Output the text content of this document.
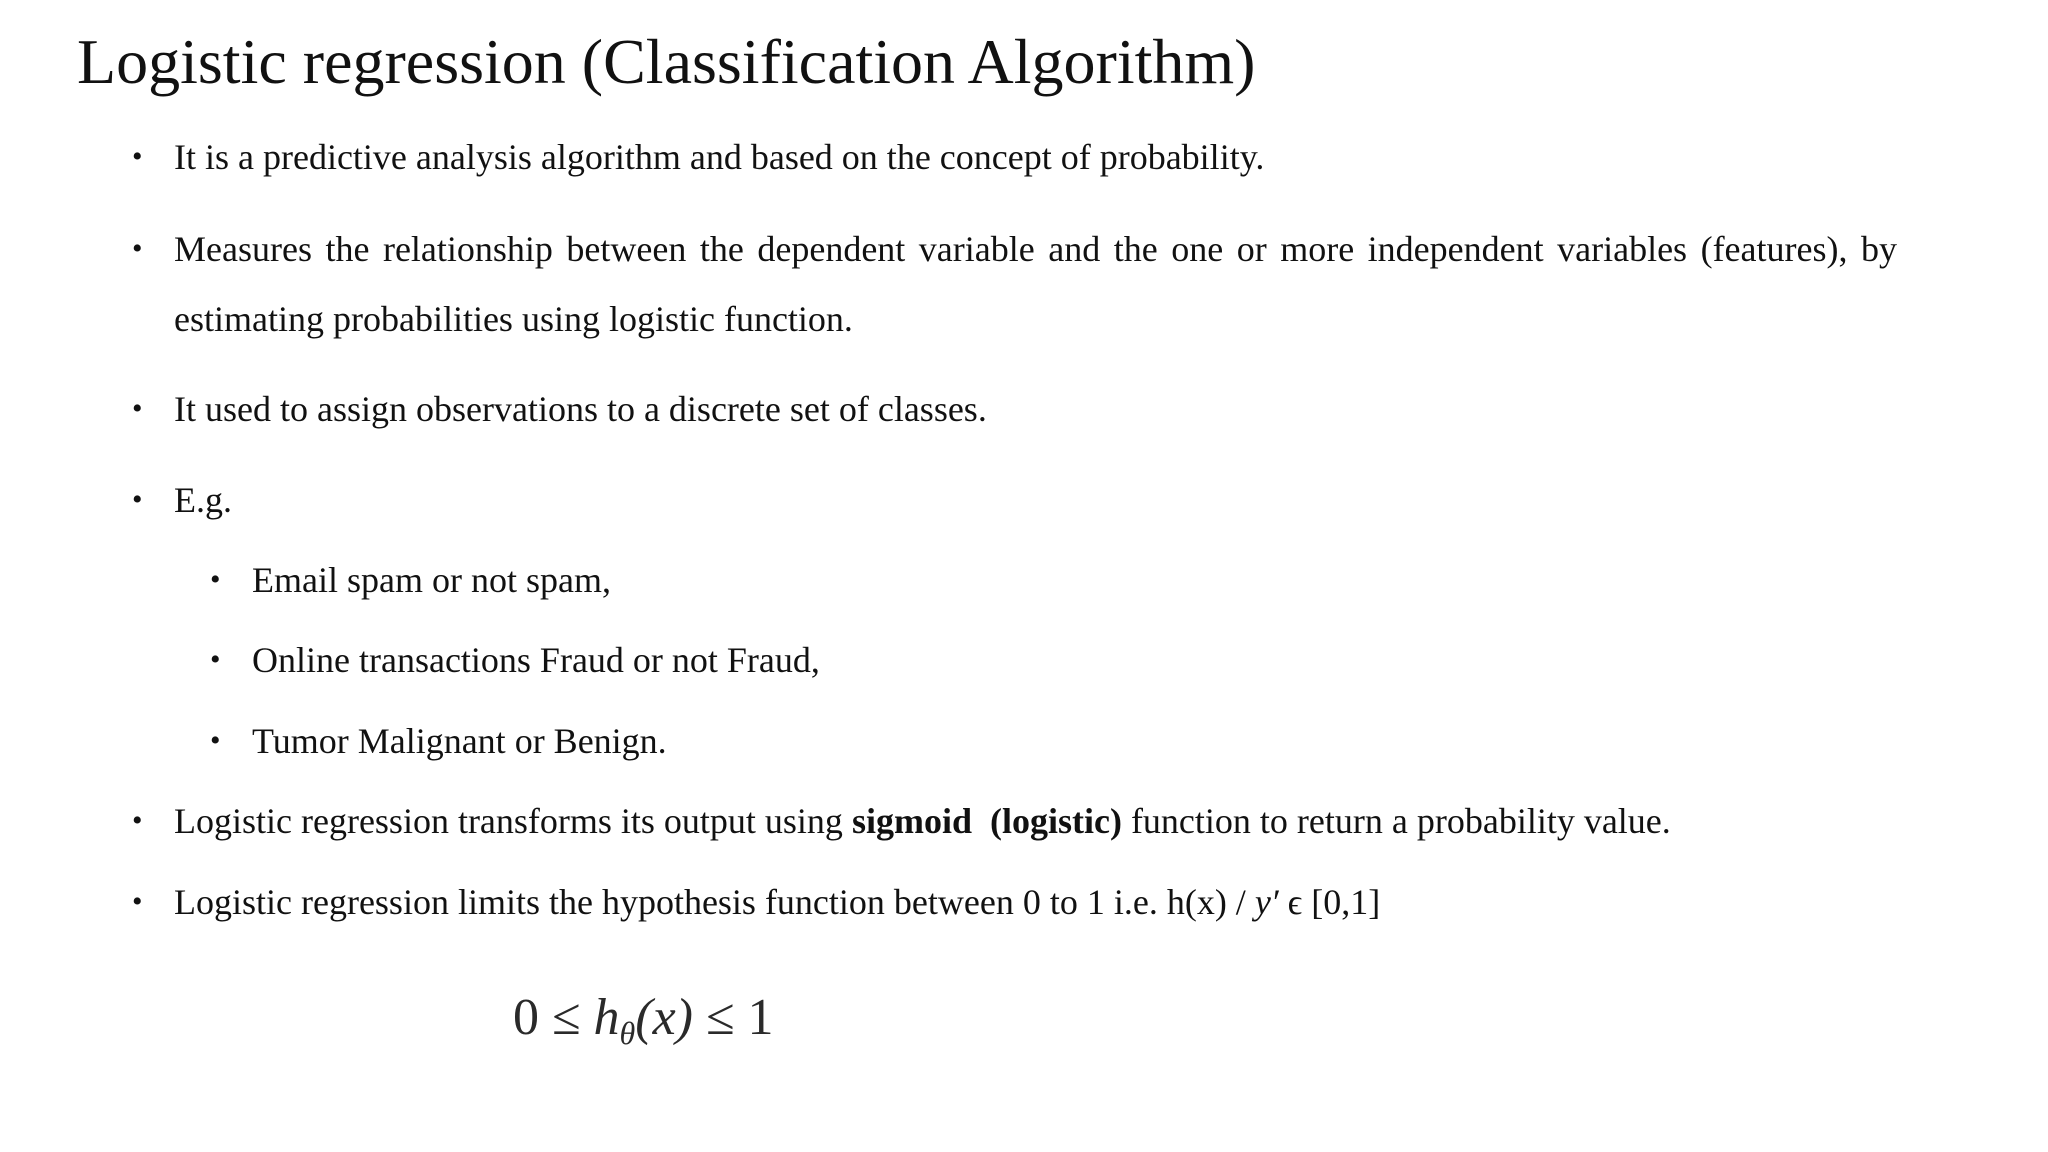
Logistic regression (Classification Algorithm)
• It is a predictive analysis algorithm and based on the concept of probability.
• Measures the relationship between the dependent variable and the one or more independent variables (features), by estimating probabilities using logistic function.
• It used to assign observations to a discrete set of classes.
• E.g.
• Email spam or not spam,
• Online transactions Fraud or not Fraud,
• Tumor Malignant or Benign.
• Logistic regression transforms its output using sigmoid (logistic) function to return a probability value.
• Logistic regression limits the hypothesis function between 0 to 1 i.e. h(x) / y′ ϵ [0,1]
$0 \le h_\theta(x) \le 1$
